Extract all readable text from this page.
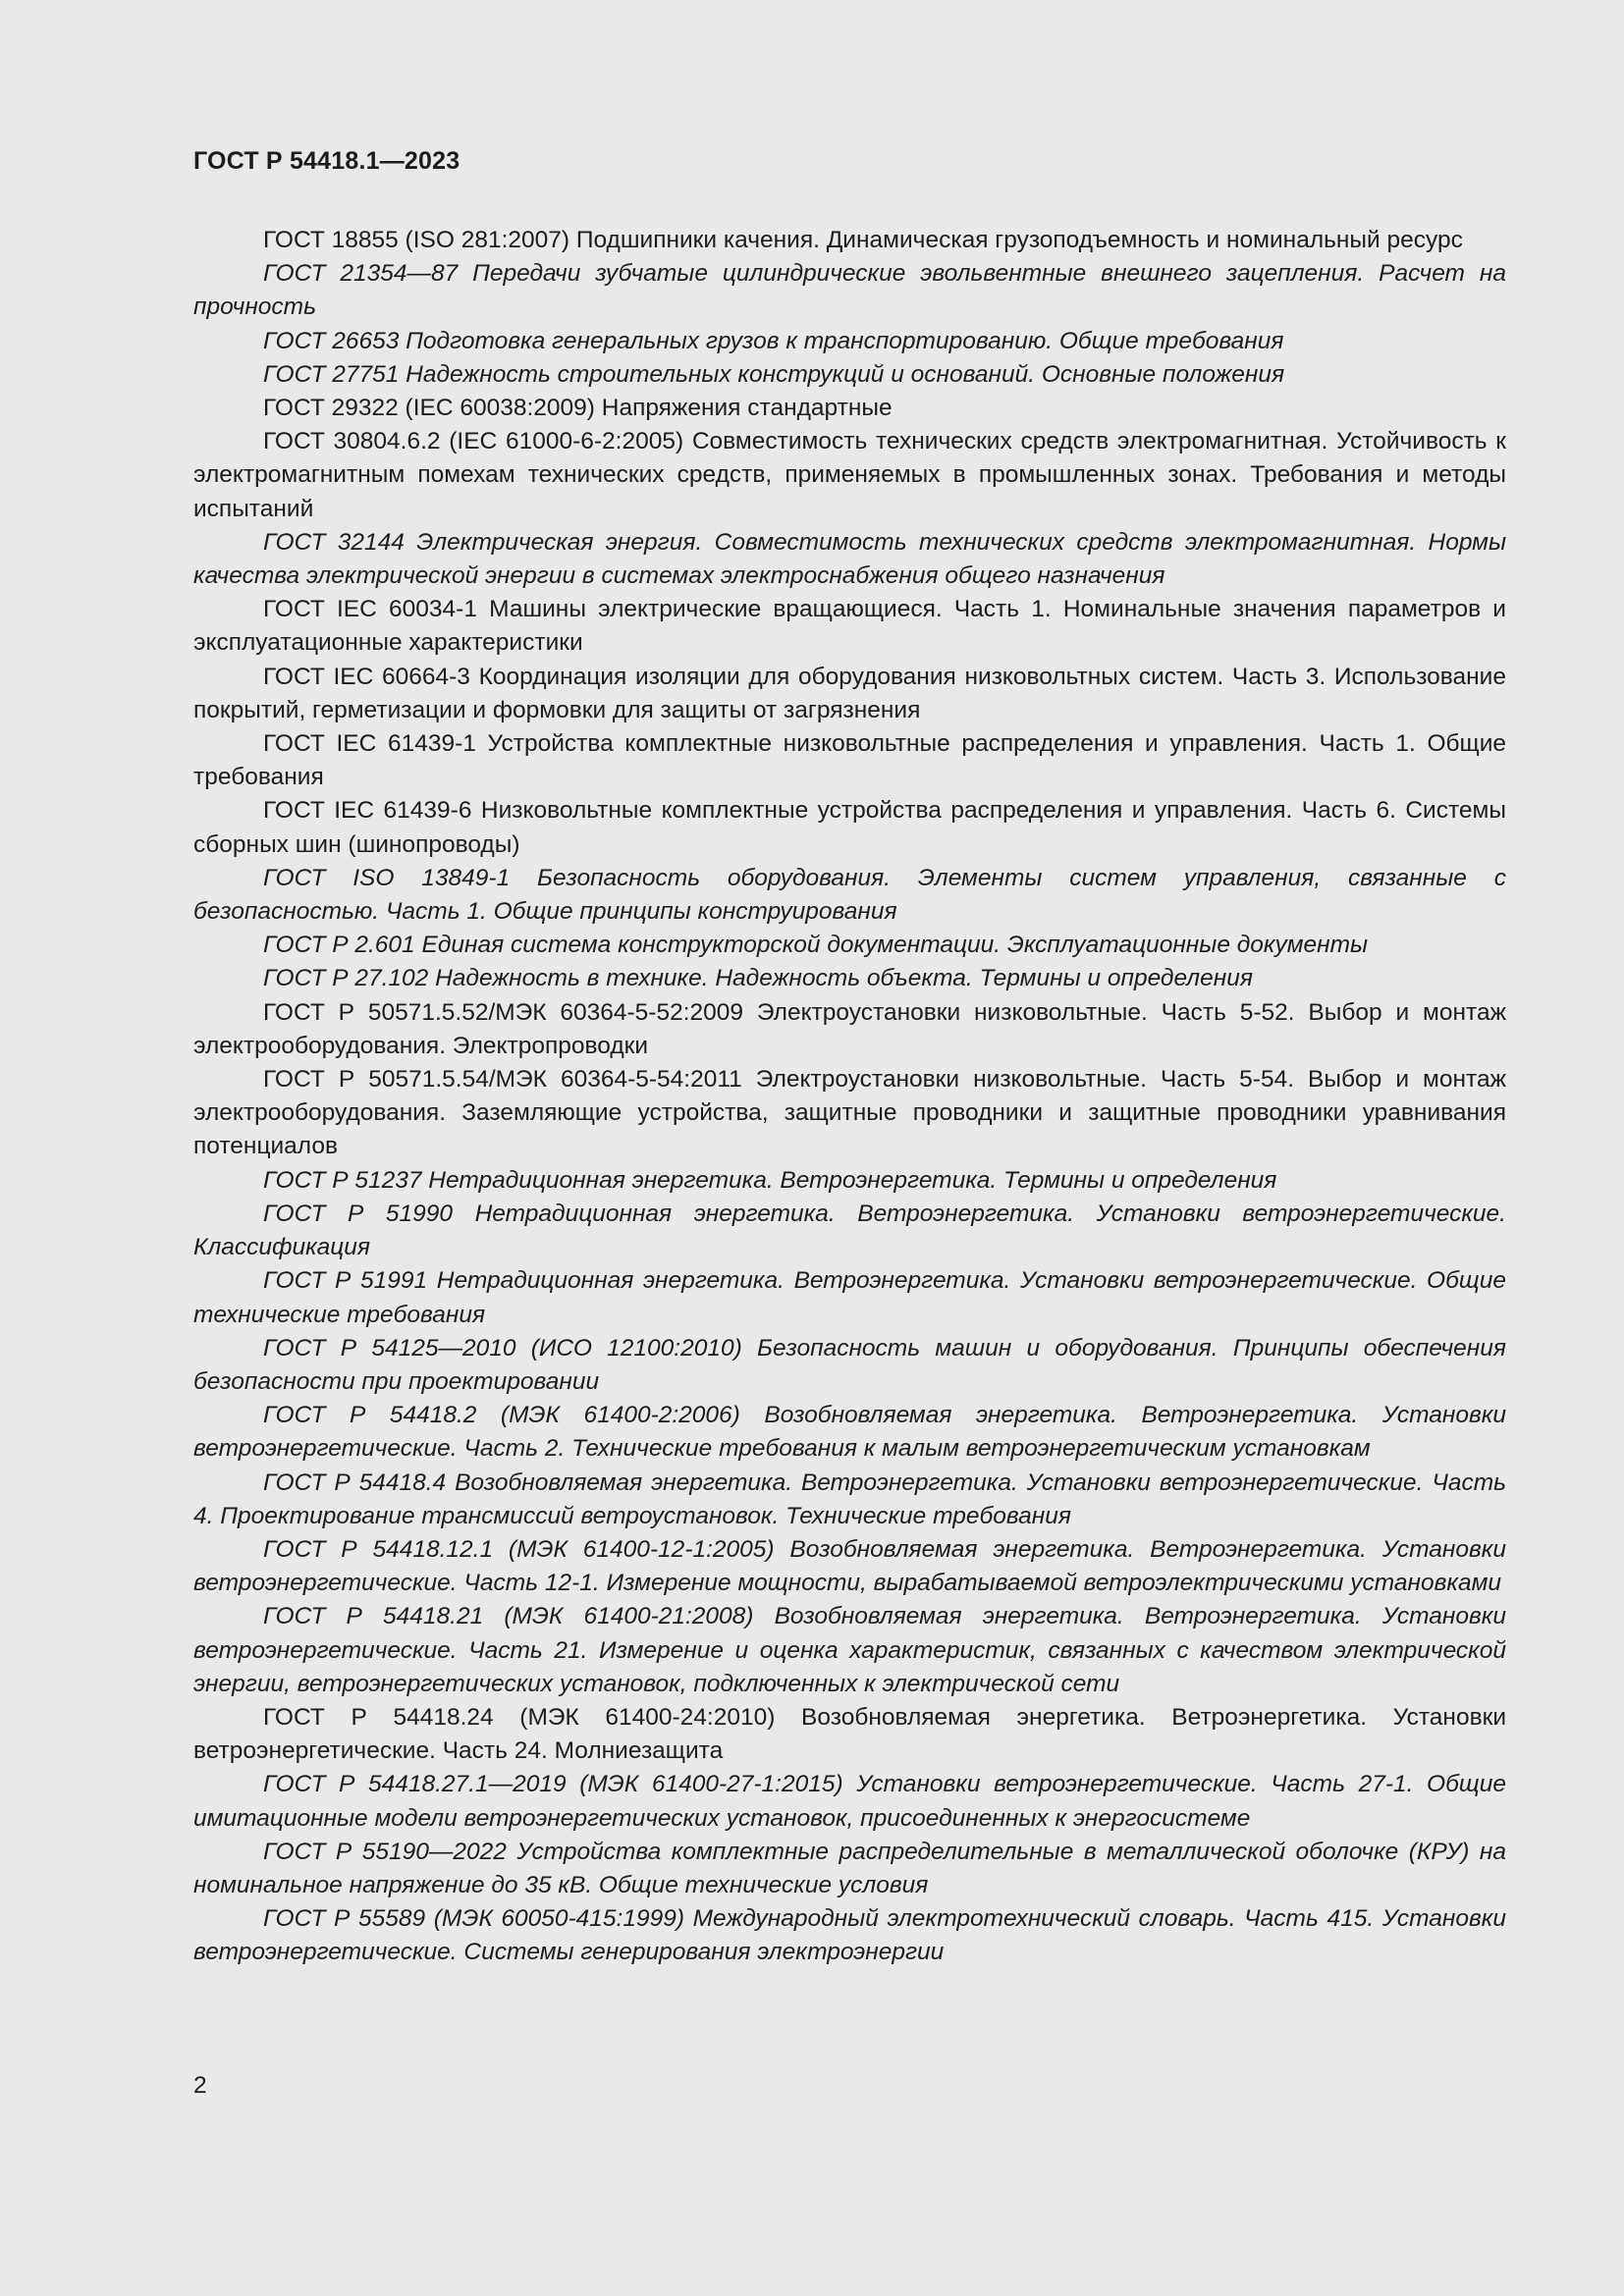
ГОСТ Р 54418.1—2023

ГОСТ 18855 (ISO 281:2007) Подшипники качения. Динамическая грузоподъемность и номинальный ресурс

ГОСТ 21354—87 Передачи зубчатые цилиндрические эвольвентные внешнего зацепления. Расчет на прочность

ГОСТ 26653 Подготовка генеральных грузов к транспортированию. Общие требования

ГОСТ 27751 Надежность строительных конструкций и оснований. Основные положения

ГОСТ 29322 (IEC 60038:2009) Напряжения стандартные

ГОСТ 30804.6.2 (IEC 61000-6-2:2005) Совместимость технических средств электромагнитная. Устойчивость к электромагнитным помехам технических средств, применяемых в промышленных зонах. Требования и методы испытаний

ГОСТ 32144 Электрическая энергия. Совместимость технических средств электромагнитная. Нормы качества электрической энергии в системах электроснабжения общего назначения

ГОСТ IEC 60034-1 Машины электрические вращающиеся. Часть 1. Номинальные значения параметров и эксплуатационные характеристики

ГОСТ IEC 60664-3 Координация изоляции для оборудования низковольтных систем. Часть 3. Использование покрытий, герметизации и формовки для защиты от загрязнения

ГОСТ IEC 61439-1 Устройства комплектные низковольтные распределения и управления. Часть 1. Общие требования

ГОСТ IEC 61439-6 Низковольтные комплектные устройства распределения и управления. Часть 6. Системы сборных шин (шинопроводы)

ГОСТ ISO 13849-1 Безопасность оборудования. Элементы систем управления, связанные с безопасностью. Часть 1. Общие принципы конструирования

ГОСТ Р 2.601 Единая система конструкторской документации. Эксплуатационные документы

ГОСТ Р 27.102 Надежность в технике. Надежность объекта. Термины и определения

ГОСТ Р 50571.5.52/МЭК 60364-5-52:2009 Электроустановки низковольтные. Часть 5-52. Выбор и монтаж электрооборудования. Электропроводки

ГОСТ Р 50571.5.54/МЭК 60364-5-54:2011 Электроустановки низковольтные. Часть 5-54. Выбор и монтаж электрооборудования. Заземляющие устройства, защитные проводники и защитные проводники уравнивания потенциалов

ГОСТ Р 51237 Нетрадиционная энергетика. Ветроэнергетика. Термины и определения

ГОСТ Р 51990 Нетрадиционная энергетика. Ветроэнергетика. Установки ветроэнергетические. Классификация

ГОСТ Р 51991 Нетрадиционная энергетика. Ветроэнергетика. Установки ветроэнергетические. Общие технические требования

ГОСТ Р 54125—2010 (ИСО 12100:2010) Безопасность машин и оборудования. Принципы обеспечения безопасности при проектировании

ГОСТ Р 54418.2 (МЭК 61400-2:2006) Возобновляемая энергетика. Ветроэнергетика. Установки ветроэнергетические. Часть 2. Технические требования к малым ветроэнергетическим установкам

ГОСТ Р 54418.4 Возобновляемая энергетика. Ветроэнергетика. Установки ветроэнергетические. Часть 4. Проектирование трансмиссий ветроустановок. Технические требования

ГОСТ Р 54418.12.1 (МЭК 61400-12-1:2005) Возобновляемая энергетика. Ветроэнергетика. Установки ветроэнергетические. Часть 12-1. Измерение мощности, вырабатываемой ветроэлектрическими установками

ГОСТ Р 54418.21 (МЭК 61400-21:2008) Возобновляемая энергетика. Ветроэнергетика. Установки ветроэнергетические. Часть 21. Измерение и оценка характеристик, связанных с качеством электрической энергии, ветроэнергетических установок, подключенных к электрической сети

ГОСТ Р 54418.24 (МЭК 61400-24:2010) Возобновляемая энергетика. Ветроэнергетика. Установки ветроэнергетические. Часть 24. Молниезащита

ГОСТ Р 54418.27.1—2019 (МЭК 61400-27-1:2015) Установки ветроэнергетические. Часть 27-1. Общие имитационные модели ветроэнергетических установок, присоединенных к энергосистеме

ГОСТ Р 55190—2022 Устройства комплектные распределительные в металлической оболочке (КРУ) на номинальное напряжение до 35 кВ. Общие технические условия

ГОСТ Р 55589 (МЭК 60050-415:1999) Международный электротехнический словарь. Часть 415. Установки ветроэнергетические. Системы генерирования электроэнергии

2
